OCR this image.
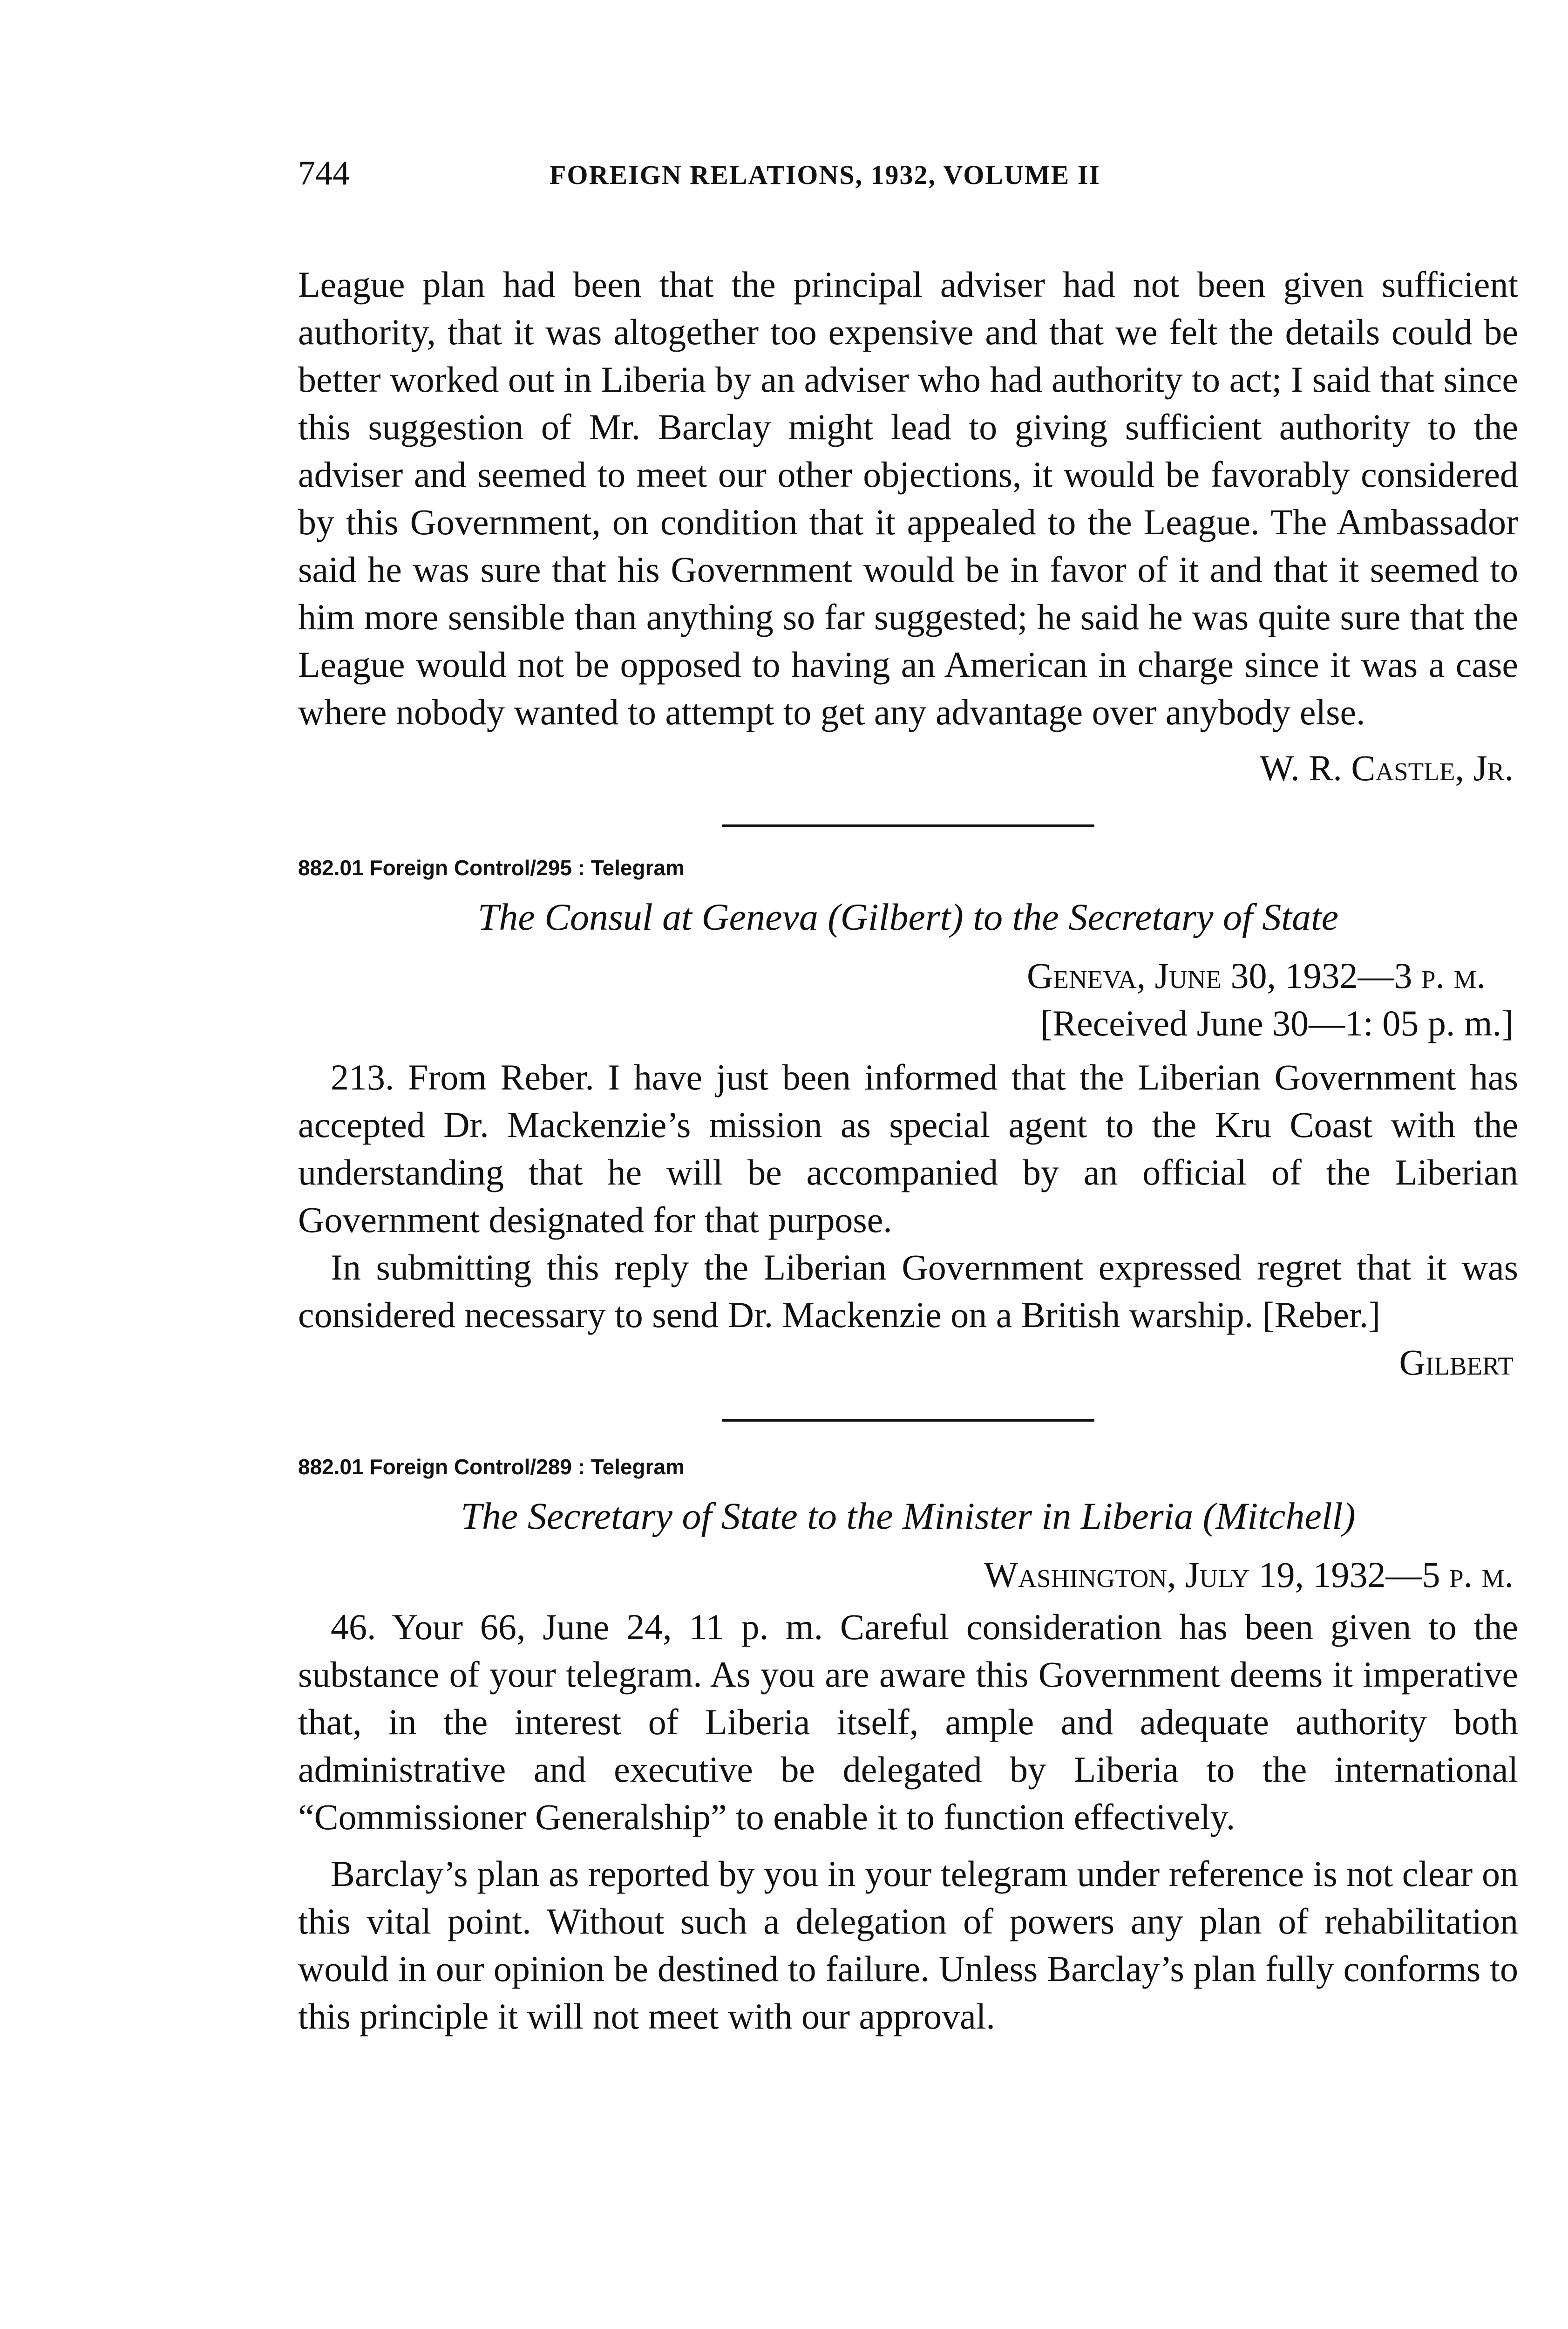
744	FOREIGN RELATIONS, 1932, VOLUME II

League plan had been that the principal adviser had not been given sufficient authority, that it was altogether too expensive and that we felt the details could be better worked out in Liberia by an adviser who had authority to act; I said that since this suggestion of Mr. Barclay might lead to giving sufficient authority to the adviser and seemed to meet our other objections, it would be favorably considered by this Government, on condition that it appealed to the League. The Ambassador said he was sure that his Government would be in favor of it and that it seemed to him more sensible than anything so far suggested; he said he was quite sure that the League would not be opposed to having an American in charge since it was a case where nobody wanted to attempt to get any advantage over anybody else.

W. R. Castle, Jr.

882.01 Foreign Control/295 : Telegram
The Consul at Geneva (Gilbert) to the Secretary of State
Geneva, June 30, 1932—3 p. m.
[Received June 30—1: 05 p. m.]

213. From Reber. I have just been informed that the Liberian Government has accepted Dr. Mackenzie’s mission as special agent to the Kru Coast with the understanding that he will be accompanied by an official of the Liberian Government designated for that purpose.

In submitting this reply the Liberian Government expressed regret that it was considered necessary to send Dr. Mackenzie on a British warship. [Reber.]

Gilbert

882.01 Foreign Control/289 : Telegram
The Secretary of State to the Minister in Liberia (Mitchell)
Washington, July 19, 1932—5 p. m.

46. Your 66, June 24, 11 p. m. Careful consideration has been given to the substance of your telegram. As you are aware this Government deems it imperative that, in the interest of Liberia itself, ample and adequate authority both administrative and executive be delegated by Liberia to the international “Commissioner Generalship” to enable it to function effectively.

Barclay’s plan as reported by you in your telegram under reference is not clear on this vital point. Without such a delegation of powers any plan of rehabilitation would in our opinion be destined to failure. Unless Barclay’s plan fully conforms to this principle it will not meet with our approval.
